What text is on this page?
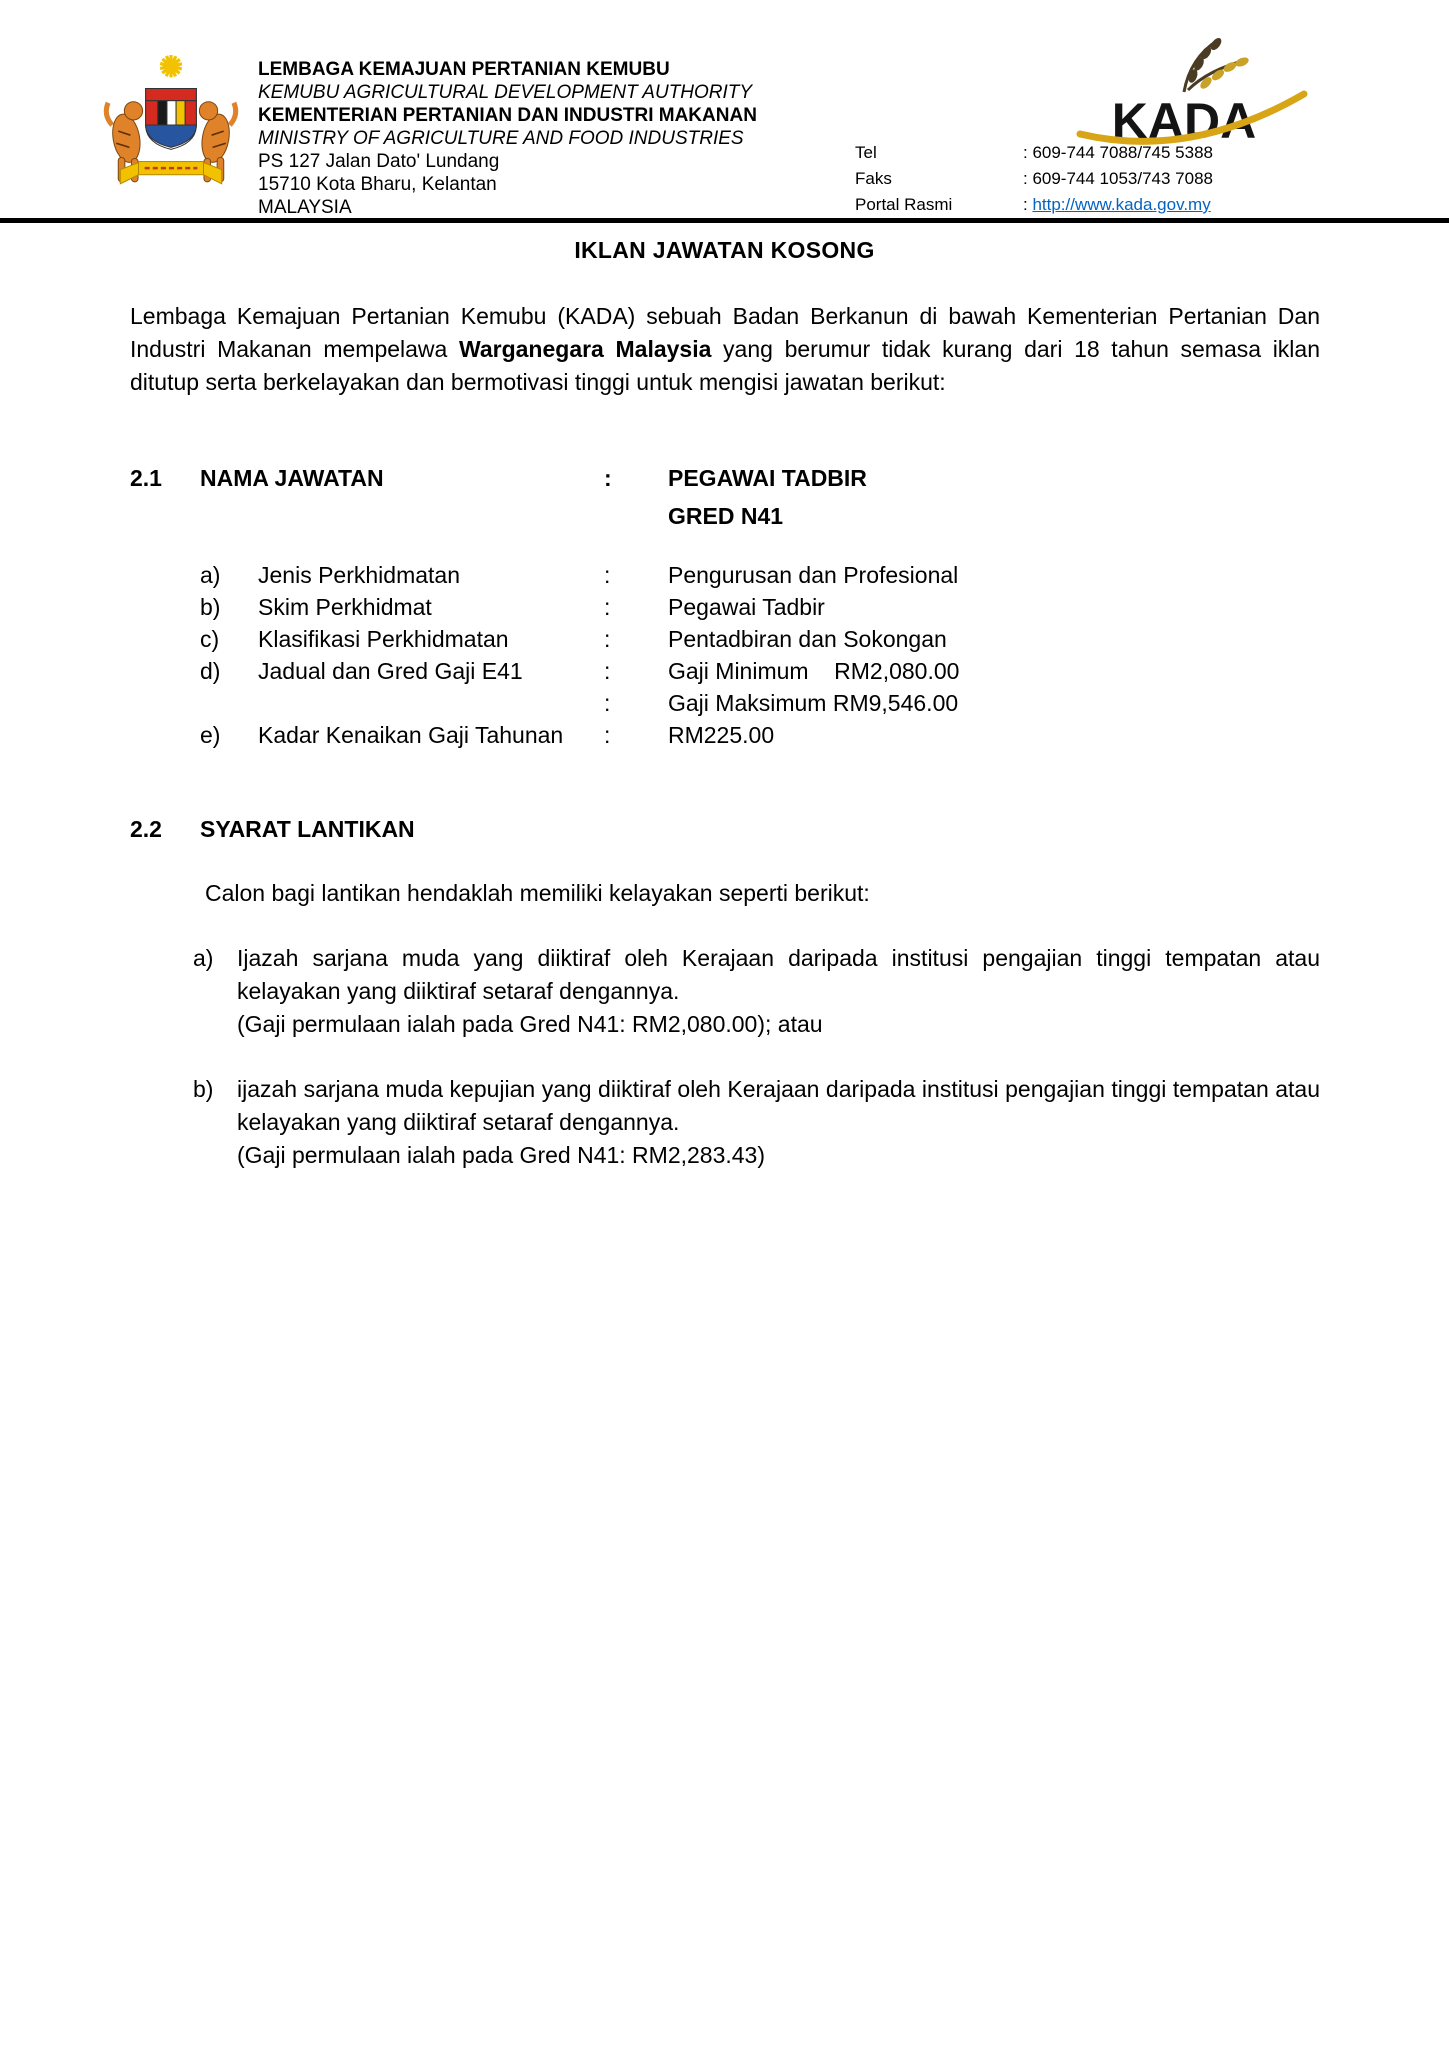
LEMBAGA KEMAJUAN PERTANIAN KEMUBU
KEMUBU AGRICULTURAL DEVELOPMENT AUTHORITY
KEMENTERIAN PERTANIAN DAN INDUSTRI MAKANAN
MINISTRY OF AGRICULTURE AND FOOD INDUSTRIES
PS 127 Jalan Dato' Lundang
15710 Kota Bharu, Kelantan
MALAYSIA
Tel	: 609-744 7088/745 5388
Faks	: 609-744 1053/743 7088
Portal Rasmi	: http://www.kada.gov.my
KADA
IKLAN JAWATAN KOSONG

Lembaga Kemajuan Pertanian Kemubu (KADA) sebuah Badan Berkanun di bawah Kementerian Pertanian Dan Industri Makanan mempelawa Warganegara Malaysia yang berumur tidak kurang dari 18 tahun semasa iklan ditutup serta berkelayakan dan bermotivasi tinggi untuk mengisi jawatan berikut:

2.1	NAMA JAWATAN	:	PEGAWAI TADBIR
GRED N41
a)	Jenis Perkhidmatan	:	Pengurusan dan Profesional
b)	Skim Perkhidmat	:	Pegawai Tadbir
c)	Klasifikasi Perkhidmatan	:	Pentadbiran dan Sokongan
d)	Jadual dan Gred Gaji E41	:	Gaji Minimum    RM2,080.00
:	Gaji Maksimum RM9,546.00
e)	Kadar Kenaikan Gaji Tahunan	:	RM225.00
2.2	SYARAT LANTIKAN
Calon bagi lantikan hendaklah memiliki kelayakan seperti berikut:
a)	Ijazah sarjana muda yang diiktiraf oleh Kerajaan daripada institusi pengajian tinggi tempatan atau kelayakan yang diiktiraf setaraf dengannya.
(Gaji permulaan ialah pada Gred N41: RM2,080.00); atau
b)	ijazah sarjana muda kepujian yang diiktiraf oleh Kerajaan daripada institusi pengajian tinggi tempatan atau kelayakan yang diiktiraf setaraf dengannya.
(Gaji permulaan ialah pada Gred N41: RM2,283.43)
